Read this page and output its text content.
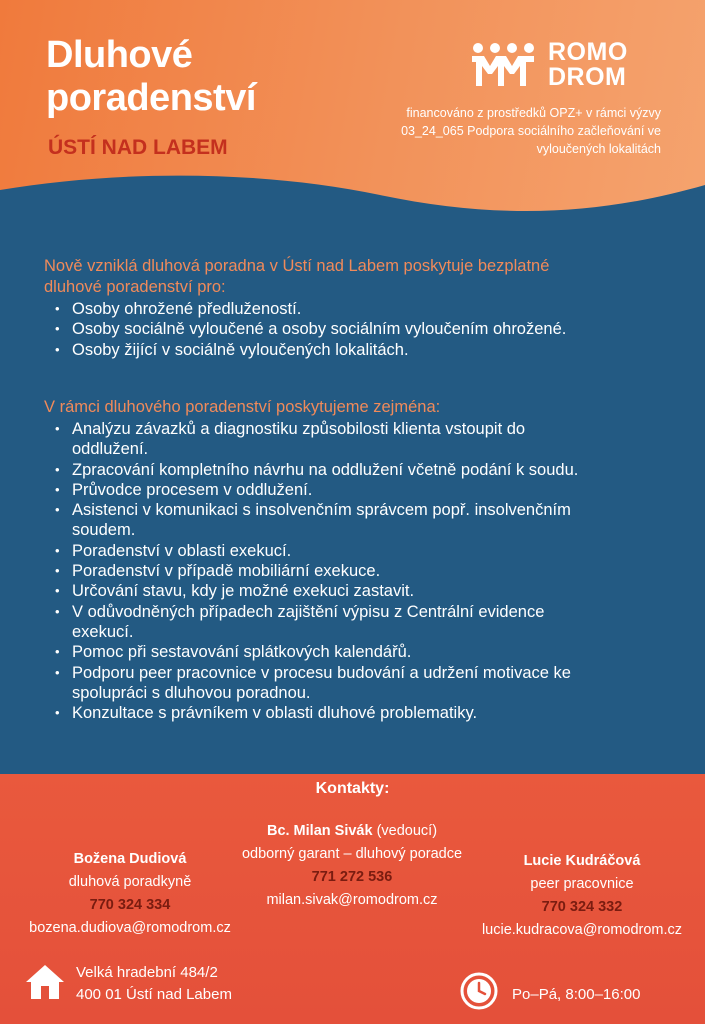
Dluhové
poradenství
ÚSTÍ NAD LABEM
ROMO
DROM
financováno z prostředků OPZ+ v rámci výzvy
03_24_065 Podpora sociálního začleňování ve
vyloučených lokalitách
Nově vzniklá dluhová poradna v Ústí nad Labem poskytuje bezplatné
dluhové poradenství pro:
• Osoby ohrožené předlužeností.
• Osoby sociálně vyloučené a osoby sociálním vyloučením ohrožené.
• Osoby žijící v sociálně vyloučených lokalitách.
V rámci dluhového poradenství poskytujeme zejména:
• Analýzu závazků a diagnostiku způsobilosti klienta vstoupit do
oddlužení.
• Zpracování kompletního návrhu na oddlužení včetně podání k soudu.
• Průvodce procesem v oddlužení.
• Asistenci v komunikaci s insolvenčním správcem popř. insolvenčním
soudem.
• Poradenství v oblasti exekucí.
• Poradenství v případě mobiliární exekuce.
• Určování stavu, kdy je možné exekuci zastavit.
• V odůvodněných případech zajištění výpisu z Centrální evidence
exekucí.
• Pomoc při sestavování splátkových kalendářů.
• Podporu peer pracovnice v procesu budování a udržení motivace ke
spolupráci s dluhovou poradnou.
• Konzultace s právníkem v oblasti dluhové problematiky.
Kontakty:
Božena Dudiová
dluhová poradkyně
770 324 334
bozena.dudiova@romodrom.cz
Bc. Milan Sivák (vedoucí)
odborný garant – dluhový poradce
771 272 536
milan.sivak@romodrom.cz
Lucie Kudráčová
peer pracovnice
770 324 332
lucie.kudracova@romodrom.cz
Velká hradební 484/2
400 01 Ústí nad Labem	Po–Pá, 8:00–16:00
